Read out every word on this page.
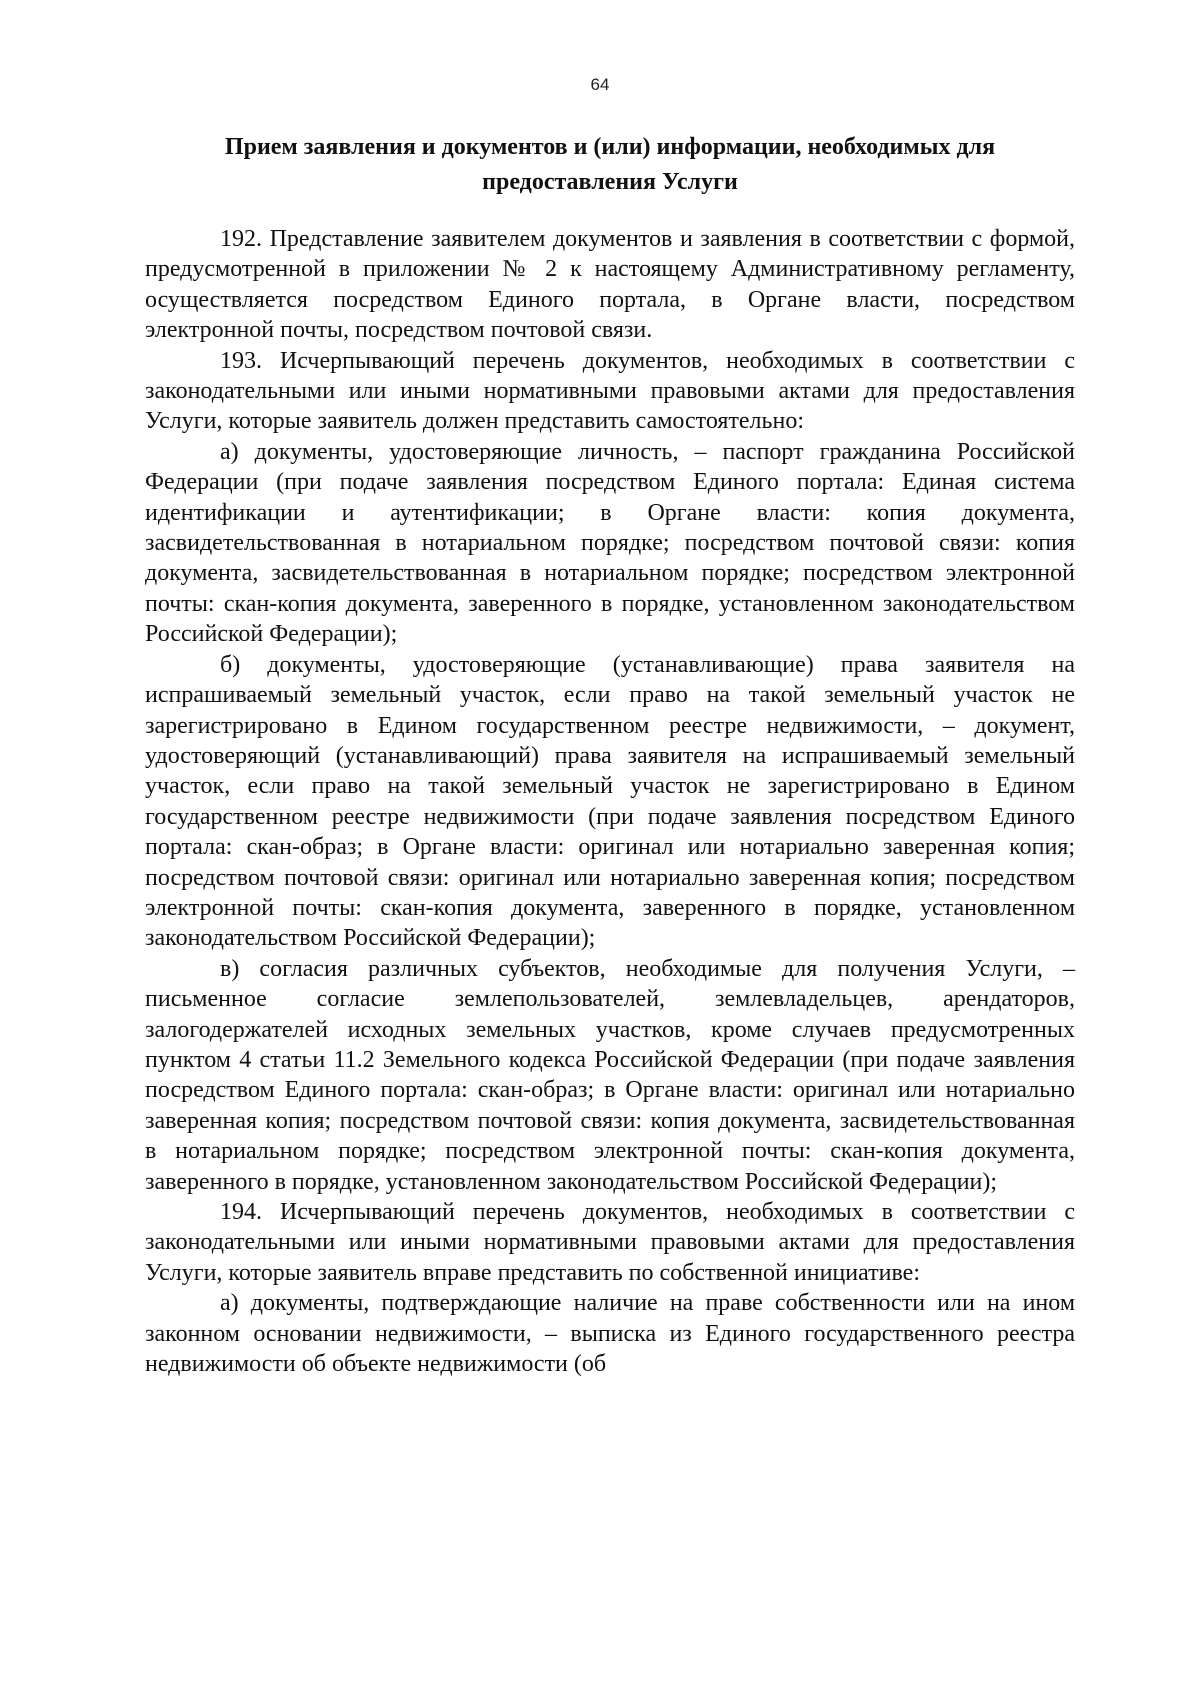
64
Прием заявления и документов и (или) информации, необходимых для
предоставления Услуги

192. Представление заявителем документов и заявления в соответствии с формой, предусмотренной в приложении № 2 к настоящему Административному регламенту, осуществляется посредством Единого портала, в Органе власти, посредством электронной почты, посредством почтовой связи.

193. Исчерпывающий перечень документов, необходимых в соответствии с законодательными или иными нормативными правовыми актами для предоставления Услуги, которые заявитель должен представить самостоятельно:

а) документы, удостоверяющие личность, – паспорт гражданина Российской Федерации (при подаче заявления посредством Единого портала: Единая система идентификации и аутентификации; в Органе власти: копия документа, засвидетельствованная в нотариальном порядке; посредством почтовой связи: копия документа, засвидетельствованная в нотариальном порядке; посредством электронной почты: скан-копия документа, заверенного в порядке, установленном законодательством Российской Федерации);

б) документы, удостоверяющие (устанавливающие) права заявителя на испрашиваемый земельный участок, если право на такой земельный участок не зарегистрировано в Едином государственном реестре недвижимости, – документ, удостоверяющий (устанавливающий) права заявителя на испрашиваемый земельный участок, если право на такой земельный участок не зарегистрировано в Едином государственном реестре недвижимости (при подаче заявления посредством Единого портала: скан-образ; в Органе власти: оригинал или нотариально заверенная копия; посредством почтовой связи: оригинал или нотариально заверенная копия; посредством электронной почты: скан-копия документа, заверенного в порядке, установленном законодательством Российской Федерации);

в) согласия различных субъектов, необходимые для получения Услуги, – письменное согласие землепользователей, землевладельцев, арендаторов, залогодержателей исходных земельных участков, кроме случаев предусмотренных пунктом 4 статьи 11.2 Земельного кодекса Российской Федерации (при подаче заявления посредством Единого портала: скан-образ; в Органе власти: оригинал или нотариально заверенная копия; посредством почтовой связи: копия документа, засвидетельствованная в нотариальном порядке; посредством электронной почты: скан-копия документа, заверенного в порядке, установленном законодательством Российской Федерации);

194. Исчерпывающий перечень документов, необходимых в соответствии с законодательными или иными нормативными правовыми актами для предоставления Услуги, которые заявитель вправе представить по собственной инициативе:

а) документы, подтверждающие наличие на праве собственности или на ином законном основании недвижимости, – выписка из Единого государственного реестра недвижимости об объекте недвижимости (об
